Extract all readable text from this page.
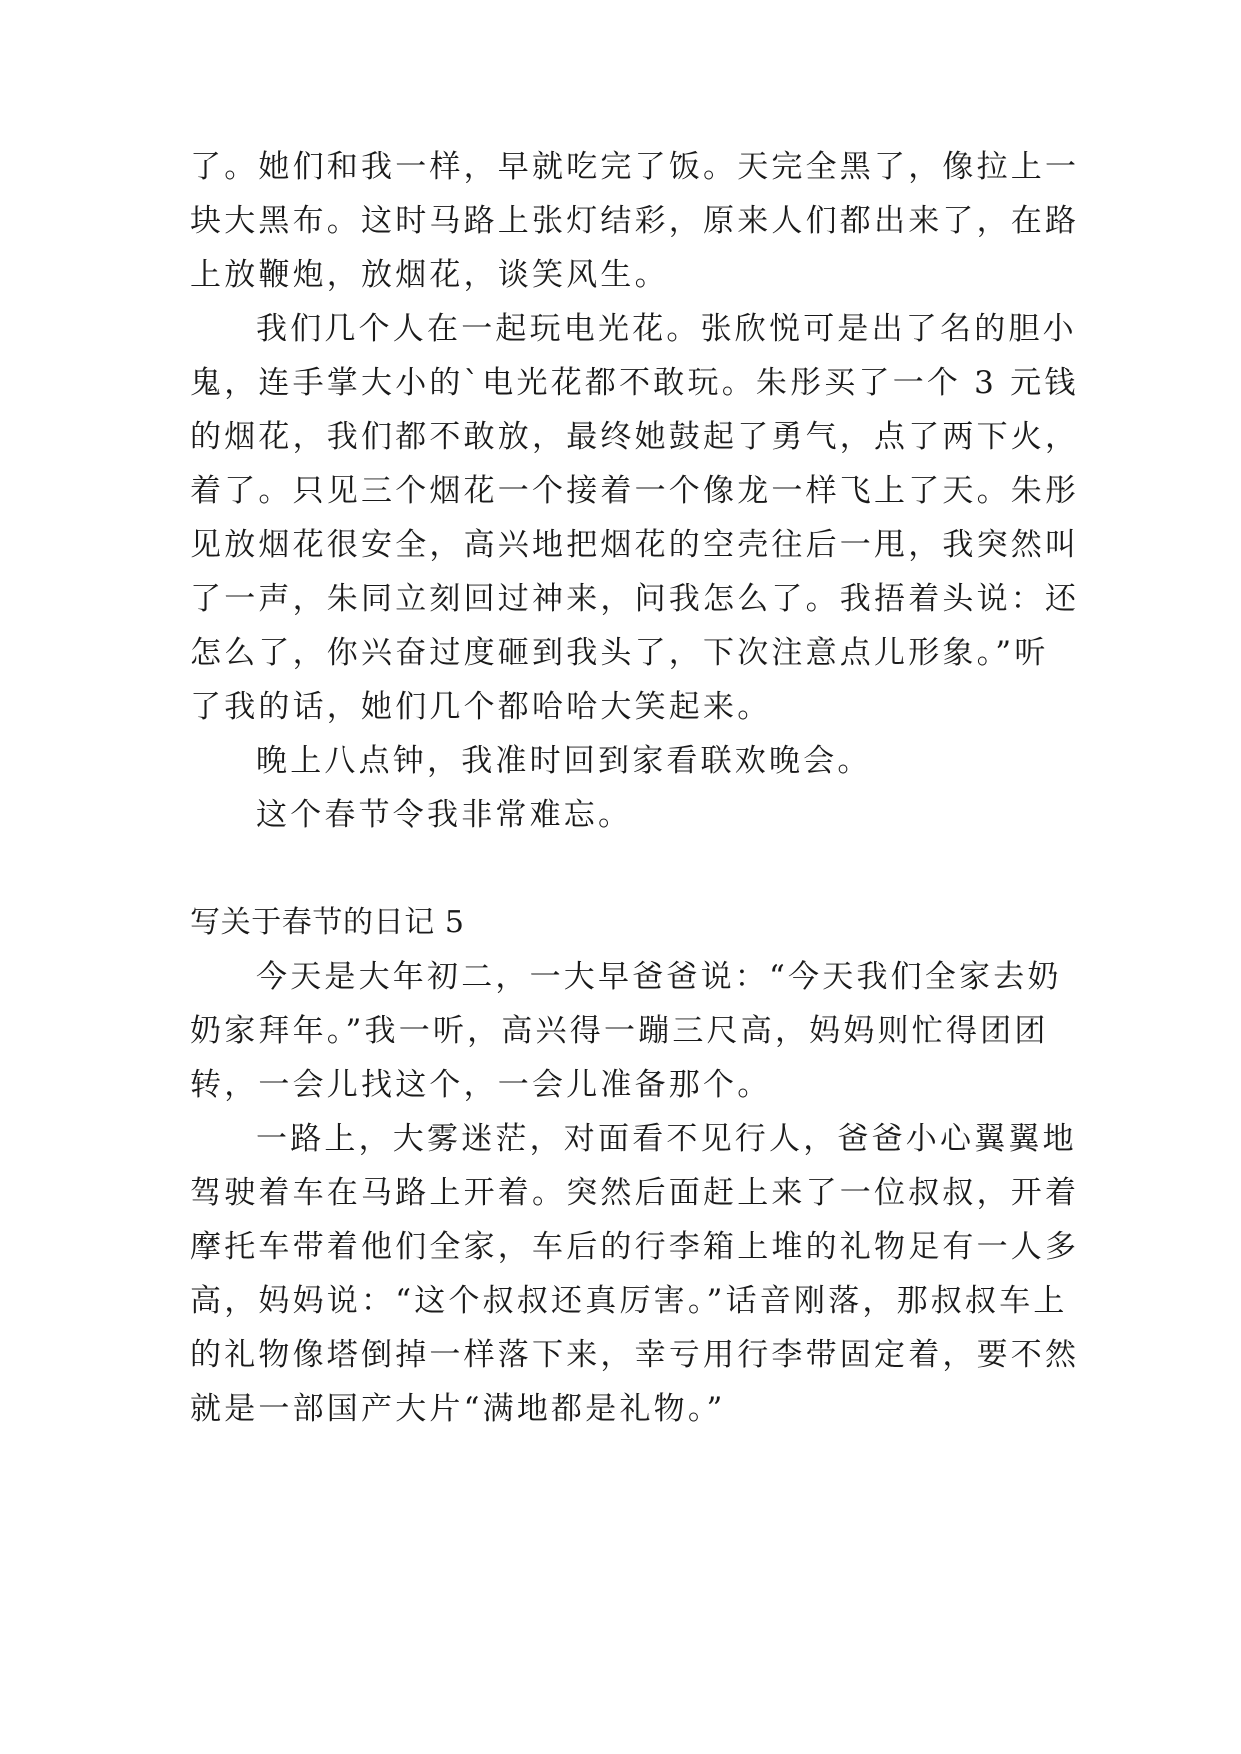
了。她们和我一样，早就吃完了饭。天完全黑了，像拉上一
块大黑布。这时马路上张灯结彩，原来人们都出来了，在路
上放鞭炮，放烟花，谈笑风生。
我们几个人在一起玩电光花。张欣悦可是出了名的胆小
鬼，连手掌大小的`电光花都不敢玩。朱彤买了一个 3 元钱
的烟花，我们都不敢放，最终她鼓起了勇气，点了两下火，
着了。只见三个烟花一个接着一个像龙一样飞上了天。朱彤
见放烟花很安全，高兴地把烟花的空壳往后一甩，我突然叫
了一声，朱同立刻回过神来，问我怎么了。我捂着头说：还
怎么了，你兴奋过度砸到我头了，下次注意点儿形象。”听
了我的话，她们几个都哈哈大笑起来。
晚上八点钟，我准时回到家看联欢晚会。
这个春节令我非常难忘。
写关于春节的日记 5
今天是大年初二，一大早爸爸说：“今天我们全家去奶
奶家拜年。”我一听，高兴得一蹦三尺高，妈妈则忙得团团
转，一会儿找这个，一会儿准备那个。
一路上，大雾迷茫，对面看不见行人，爸爸小心翼翼地
驾驶着车在马路上开着。突然后面赶上来了一位叔叔，开着
摩托车带着他们全家，车后的行李箱上堆的礼物足有一人多
高，妈妈说：“这个叔叔还真厉害。”话音刚落，那叔叔车上
的礼物像塔倒掉一样落下来，幸亏用行李带固定着，要不然
就是一部国产大片“满地都是礼物。”
